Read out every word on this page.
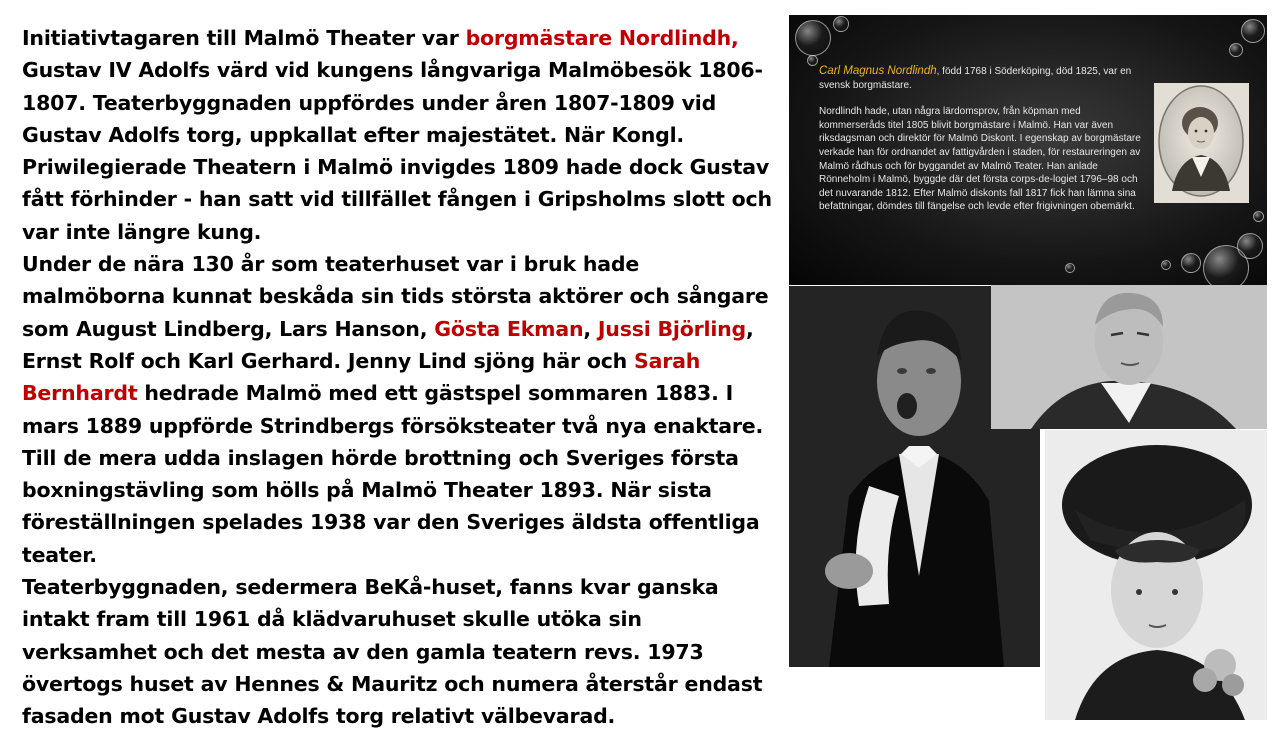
Initiativtagaren till Malmö Theater var borgmästare Nordlindh, Gustav IV Adolfs värd vid kungens långvariga Malmöbesök 1806-1807. Teaterbyggnaden uppfördes under åren 1807-1809 vid Gustav Adolfs torg, uppkallat efter majestätet. När Kongl. Priwilegierade Theatern i Malmö invigdes 1809 hade dock Gustav fått förhinder - han satt vid tillfället fången i Gripsholms slott och var inte längre kung.

Under de nära 130 år som teaterhuset var i bruk hade malmöborna kunnat beskåda sin tids största aktörer och sångare som August Lindberg, Lars Hanson, Gösta Ekman, Jussi Björling, Ernst Rolf och Karl Gerhard. Jenny Lind sjöng här och Sarah Bernhardt hedrade Malmö med ett gästspel sommaren 1883. I mars 1889 uppförde Strindbergs försöksteater två nya enaktare. Till de mera udda inslagen hörde brottning och Sveriges första boxningstävling som hölls på Malmö Theater 1893. När sista föreställningen spelades 1938 var den Sveriges äldsta offentliga teater.

Teaterbyggnaden, sedermera BeKå-huset, fanns kvar ganska intakt fram till 1961 då klädvaruhuset skulle utöka sin verksamhet och det mesta av den gamla teatern revs. 1973 övertogs huset av Hennes & Mauritz och numera återstår endast fasaden mot Gustav Adolfs torg relativt välbevarad.

Carl Magnus Nordlindh, född 1768 i Söderköping, död 1825, var en svensk borgmästare.
Nordlindh hade, utan några lärdomsprov, från köpman med kommerseråds titel 1805 blivit borgmästare i Malmö. Han var även riksdagsman och direktör för Malmö Diskont. I egenskap av borgmästare verkade han för ordnandet av fattigvården i staden, för restaureringen av Malmö rådhus och för byggandet av Malmö Teater. Han anlade Rönneholm i Malmö, byggde där det första corps-de-logiet 1796–98 och det nuvarande 1812. Efter Malmö diskonts fall 1817 fick han lämna sina befattningar, dömdes till fängelse och levde efter frigivningen obemärkt.
